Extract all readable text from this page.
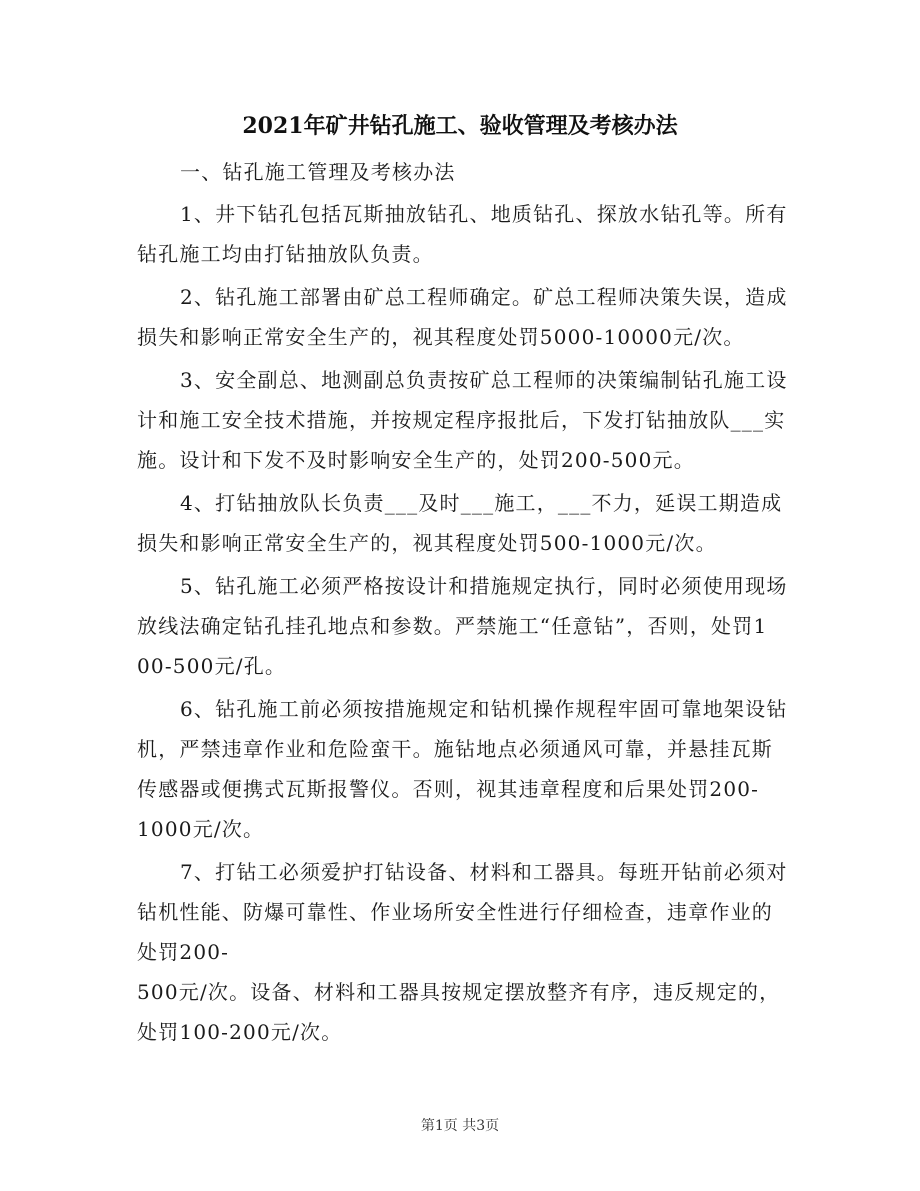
2021年矿井钻孔施工、验收管理及考核办法
一、钻孔施工管理及考核办法
1、井下钻孔包括瓦斯抽放钻孔、地质钻孔、探放水钻孔等。所有
钻孔施工均由打钻抽放队负责。
2、钻孔施工部署由矿总工程师确定。矿总工程师决策失误，造成
损失和影响正常安全生产的，视其程度处罚5000-10000元/次。
3、安全副总、地测副总负责按矿总工程师的决策编制钻孔施工设
计和施工安全技术措施，并按规定程序报批后，下发打钻抽放队___实
施。设计和下发不及时影响安全生产的，处罚200-500元。
4、打钻抽放队长负责___及时___施工，___不力，延误工期造成
损失和影响正常安全生产的，视其程度处罚500-1000元/次。
5、钻孔施工必须严格按设计和措施规定执行，同时必须使用现场
放线法确定钻孔挂孔地点和参数。严禁施工“任意钻”，否则，处罚1
00-500元/孔。
6、钻孔施工前必须按措施规定和钻机操作规程牢固可靠地架设钻
机，严禁违章作业和危险蛮干。施钻地点必须通风可靠，并悬挂瓦斯
传感器或便携式瓦斯报警仪。否则，视其违章程度和后果处罚200-
1000元/次。
7、打钻工必须爱护打钻设备、材料和工器具。每班开钻前必须对
钻机性能、防爆可靠性、作业场所安全性进行仔细检查，违章作业的
处罚200-
500元/次。设备、材料和工器具按规定摆放整齐有序，违反规定的，
处罚100-200元/次。
第1页 共3页
